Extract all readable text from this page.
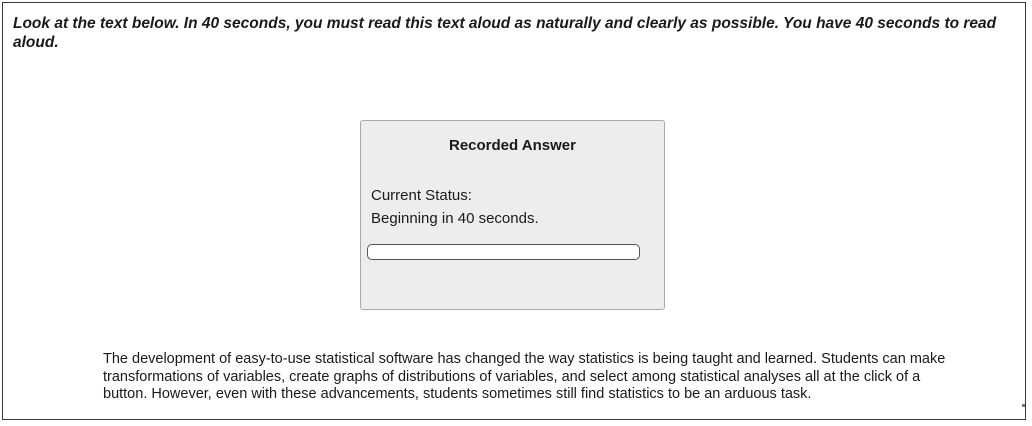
Look at the text below. In 40 seconds, you must read this text aloud as naturally and clearly as possible. You have 40 seconds to read aloud.

Recorded Answer
Current Status:
Beginning in 40 seconds.

The development of easy-to-use statistical software has changed the way statistics is being taught and learned. Students can make transformations of variables, create graphs of distributions of variables, and select among statistical analyses all at the click of a button. However, even with these advancements, students sometimes still find statistics to be an arduous task.
